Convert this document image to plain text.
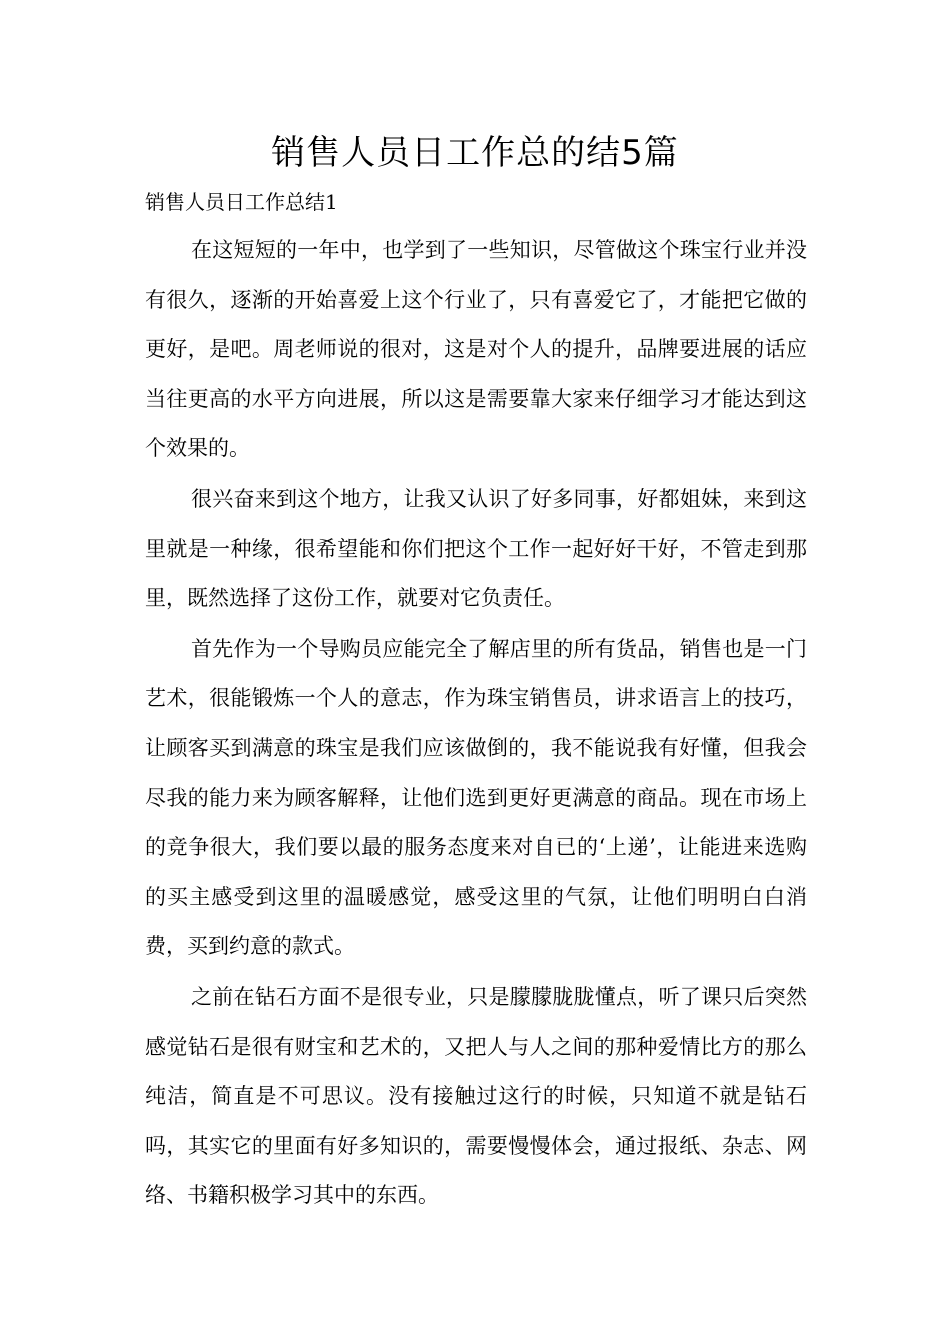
销售人员日工作总的结5篇

销售人员日工作总结1

在这短短的一年中，也学到了一些知识，尽管做这个珠宝行业并没有很久，逐渐的开始喜爱上这个行业了，只有喜爱它了，才能把它做的更好，是吧。周老师说的很对，这是对个人的提升，品牌要进展的话应当往更高的水平方向进展，所以这是需要靠大家来仔细学习才能达到这个效果的。

很兴奋来到这个地方，让我又认识了好多同事，好都姐妹，来到这里就是一种缘，很希望能和你们把这个工作一起好好干好，不管走到那里，既然选择了这份工作，就要对它负责任。

首先作为一个导购员应能完全了解店里的所有货品，销售也是一门艺术，很能锻炼一个人的意志，作为珠宝销售员，讲求语言上的技巧，让顾客买到满意的珠宝是我们应该做倒的，我不能说我有好懂，但我会尽我的能力来为顾客解释，让他们选到更好更满意的商品。现在市场上的竞争很大，我们要以最的服务态度来对自已的‘上递’，让能进来选购的买主感受到这里的温暖感觉，感受这里的气氛，让他们明明白白消费，买到约意的款式。

之前在钻石方面不是很专业，只是朦朦胧胧懂点，听了课只后突然感觉钻石是很有财宝和艺术的，又把人与人之间的那种爱情比方的那么纯洁，简直是不可思议。没有接触过这行的时候，只知道不就是钻石吗，其实它的里面有好多知识的，需要慢慢体会，通过报纸、杂志、网络、书籍积极学习其中的东西。
